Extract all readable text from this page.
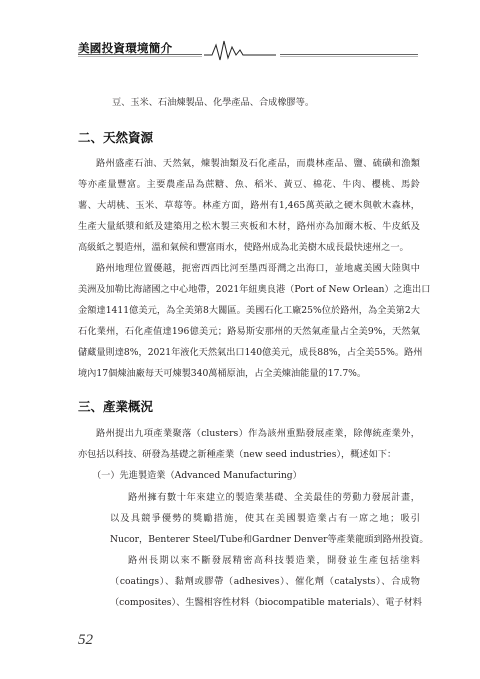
美國投資環境簡介
豆、玉米、石油煉製品、化學產品、合成橡膠等。
二、天然資源
路州盛產石油、天然氣，煉製油類及石化產品，而農林產品、鹽、硫磺和漁類
等亦產量豐富。主要農產品為蔗糖、魚、稻米、黃豆、棉花、牛肉、櫻桃、馬鈴
薯、大胡桃、玉米、草莓等。林產方面，路州有1,465萬英畝之硬木與軟木森林，
生產大量紙漿和紙及建築用之松木製三夾板和木材，路州亦為加爾木板、牛皮紙及
高級紙之製造州，溫和氣候和豐富雨水，使路州成為北美樹木成長最快速州之一。
路州地理位置優越，扼密西西比河至墨西哥灣之出海口，並地處美國大陸與中
美洲及加勒比海諸國之中心地帶，2021年紐奧良港（Port of New Orlean）之進出口
金額達1411億美元，為全美第8大關區。美國石化工廠25%位於路州，為全美第2大
石化業州，石化產值達196億美元；路易斯安那州的天然氣產量占全美9%，天然氣
儲藏量則達8%，2021年液化天然氣出口140億美元，成長88%，占全美55%。路州
境內17個煉油廠每天可煉製340萬桶原油，占全美煉油能量的17.7%。
三、產業概況
路州提出九項產業聚落（clusters）作為該州重點發展產業，除傳統產業外，
亦包括以科技、研發為基礎之新種產業（new seed industries），概述如下：
（一）先進製造業（Advanced Manufacturing）
路州擁有數十年來建立的製造業基礎、全美最佳的勞動力發展計畫，
以及具競爭優勢的獎勵措施，使其在美國製造業占有一席之地；吸引
Nucor，Benterer Steel/Tube和Gardner Denver等產業龍頭到路州投資。
路州長期以來不斷發展精密高科技製造業，開發並生產包括塗料
（coatings）、黏劑或膠帶（adhesives）、催化劑（catalysts）、合成物
（composites）、生醫相容性材料（biocompatible materials）、電子材料
52
